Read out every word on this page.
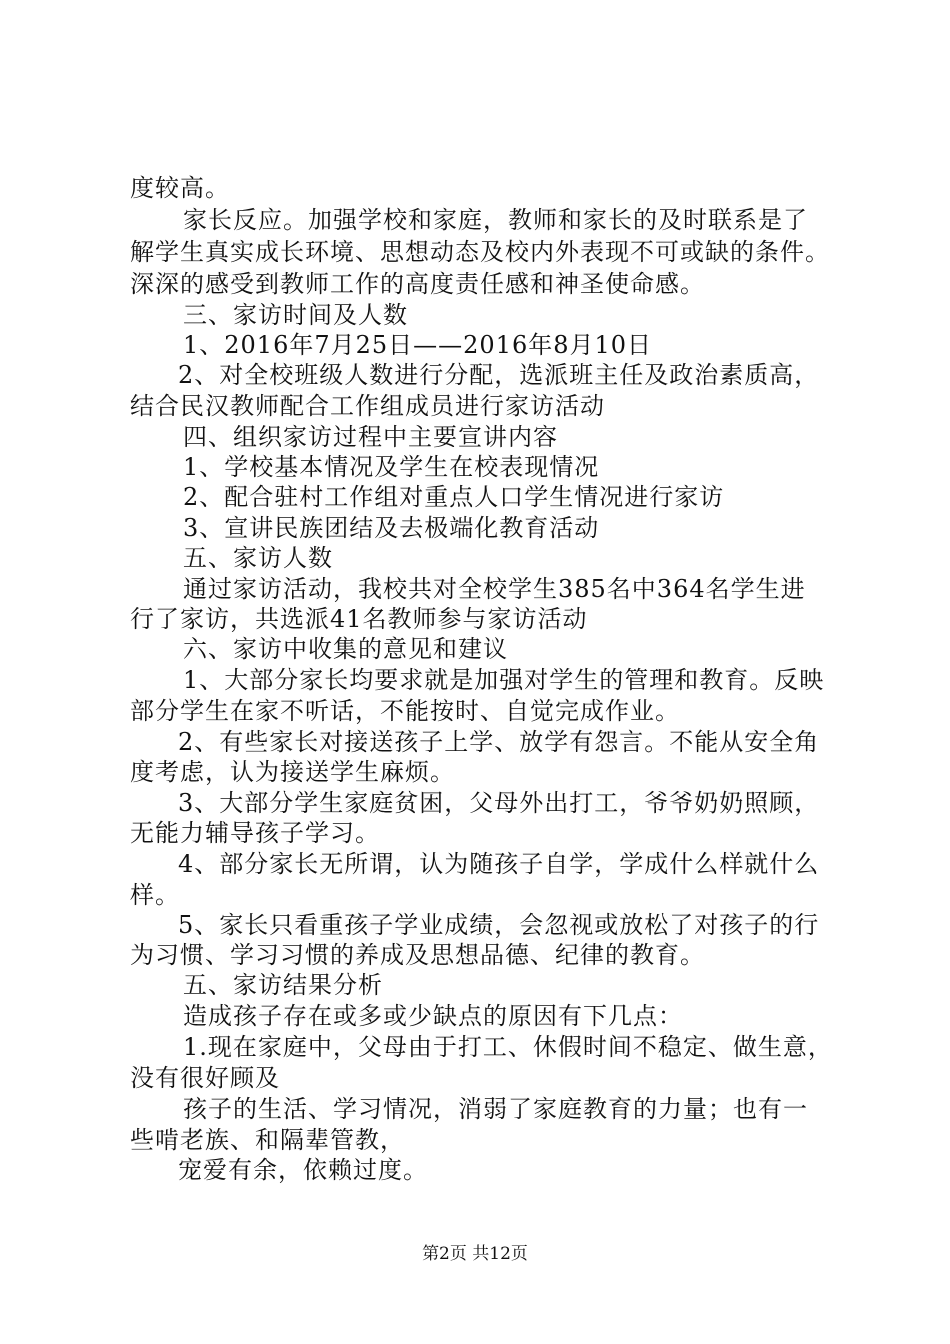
度较高。
家长反应。加强学校和家庭，教师和家长的及时联系是了
解学生真实成长环境、思想动态及校内外表现不可或缺的条件。
深深的感受到教师工作的高度责任感和神圣使命感。
三、家访时间及人数
1、2016年7月25日——2016年8月10日
2、对全校班级人数进行分配，选派班主任及政治素质高，
结合民汉教师配合工作组成员进行家访活动
四、组织家访过程中主要宣讲内容
1、学校基本情况及学生在校表现情况
2、配合驻村工作组对重点人口学生情况进行家访
3、宣讲民族团结及去极端化教育活动
五、家访人数
通过家访活动，我校共对全校学生385名中364名学生进
行了家访，共选派41名教师参与家访活动
六、家访中收集的意见和建议
1、大部分家长均要求就是加强对学生的管理和教育。反映
部分学生在家不听话，不能按时、自觉完成作业。
2、有些家长对接送孩子上学、放学有怨言。不能从安全角
度考虑，认为接送学生麻烦。
3、大部分学生家庭贫困，父母外出打工，爷爷奶奶照顾，
无能力辅导孩子学习。
4、部分家长无所谓，认为随孩子自学，学成什么样就什么
样。
5、家长只看重孩子学业成绩，会忽视或放松了对孩子的行
为习惯、学习习惯的养成及思想品德、纪律的教育。
五、家访结果分析
造成孩子存在或多或少缺点的原因有下几点：
1.现在家庭中，父母由于打工、休假时间不稳定、做生意，
没有很好顾及
孩子的生活、学习情况，消弱了家庭教育的力量；也有一
些啃老族、和隔辈管教，
宠爱有余，依赖过度。
第2页 共12页
